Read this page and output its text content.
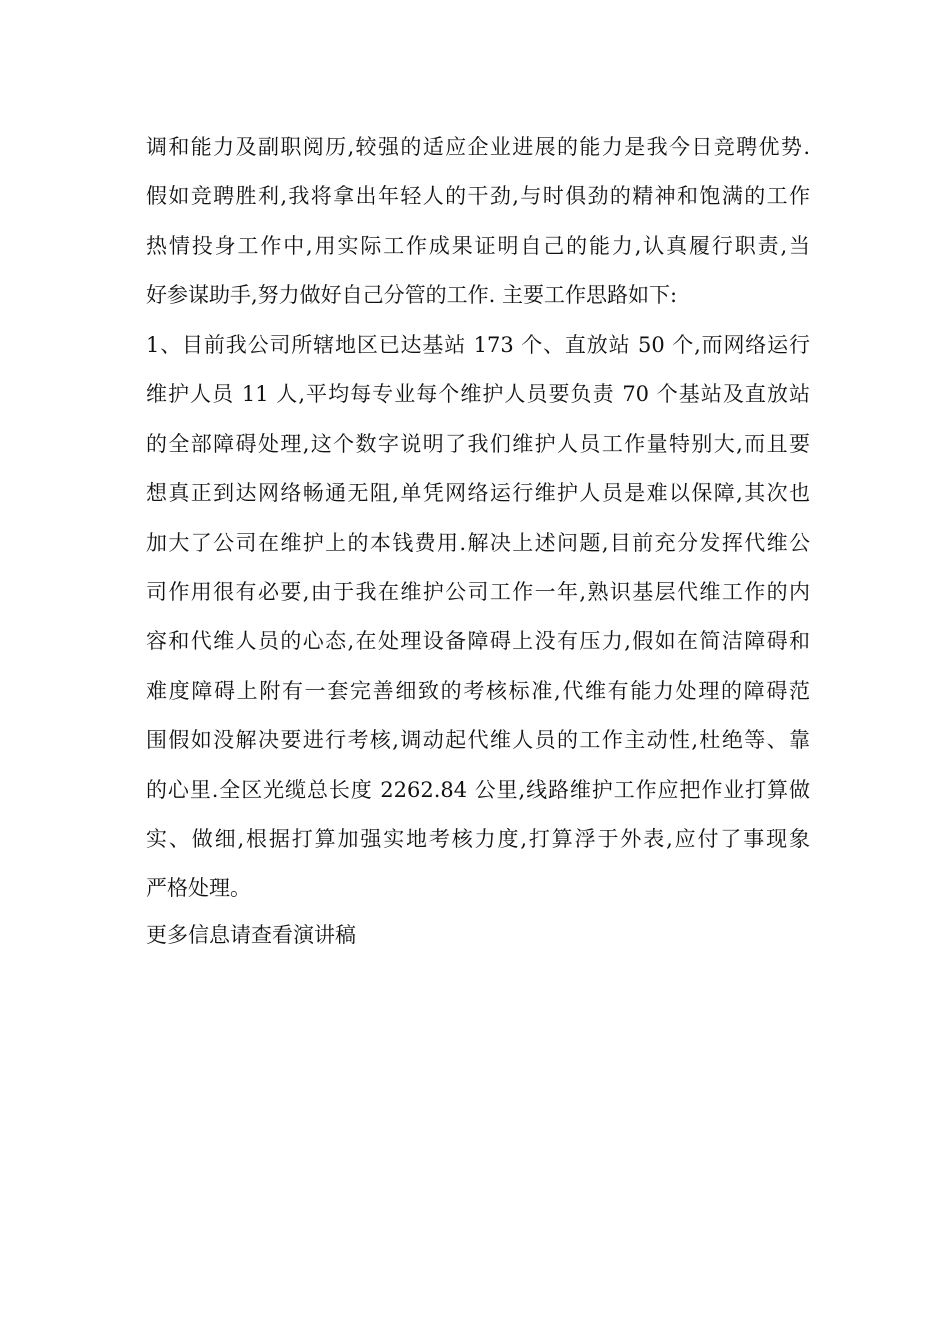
调和能力及副职阅历,较强的适应企业进展的能力是我今日竞聘优势.
假如竞聘胜利,我将拿出年轻人的干劲,与时俱劲的精神和饱满的工作
热情投身工作中,用实际工作成果证明自己的能力,认真履行职责,当
好参谋助手,努力做好自己分管的工作. 主要工作思路如下:
1、目前我公司所辖地区已达基站 173 个、直放站 50 个,而网络运行
维护人员 11 人,平均每专业每个维护人员要负责 70 个基站及直放站
的全部障碍处理,这个数字说明了我们维护人员工作量特别大,而且要
想真正到达网络畅通无阻,单凭网络运行维护人员是难以保障,其次也
加大了公司在维护上的本钱费用.解决上述问题,目前充分发挥代维公
司作用很有必要,由于我在维护公司工作一年,熟识基层代维工作的内
容和代维人员的心态,在处理设备障碍上没有压力,假如在简洁障碍和
难度障碍上附有一套完善细致的考核标准,代维有能力处理的障碍范
围假如没解决要进行考核,调动起代维人员的工作主动性,杜绝等、靠
的心里.全区光缆总长度 2262.84 公里,线路维护工作应把作业打算做
实、做细,根据打算加强实地考核力度,打算浮于外表,应付了事现象
严格处理。
更多信息请查看演讲稿
